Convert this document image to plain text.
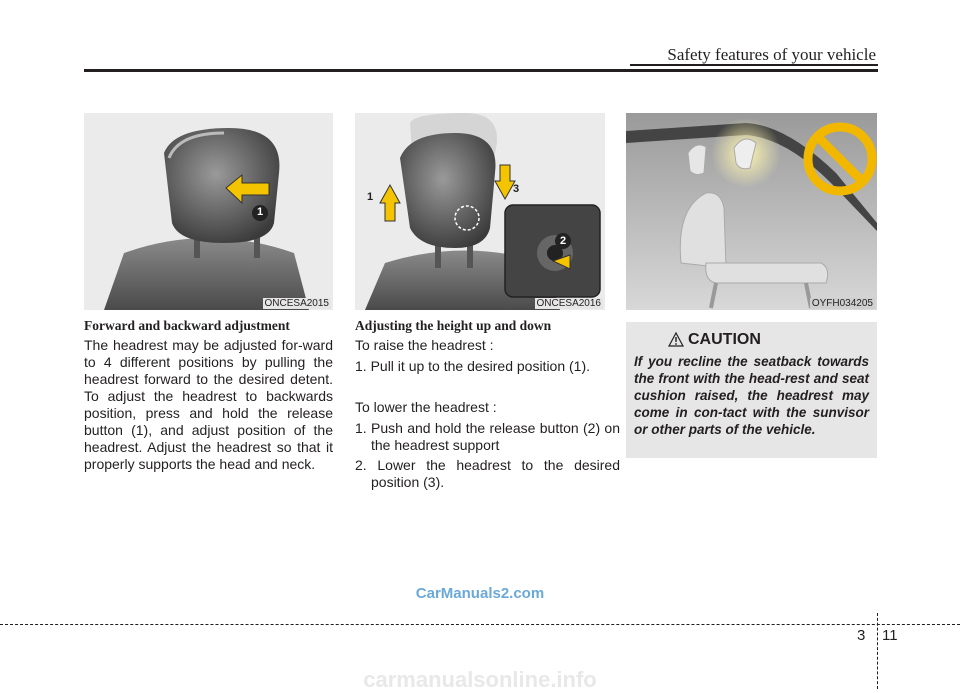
Safety features of your vehicle
1
ONCESA2015
1
2
3
ONCESA2016	OYFH034205
Forward and backward adjustment
The headrest may be adjusted for-ward to 4 different positions by pulling the headrest forward to the desired detent. To adjust the headrest to backwards position, press and hold the release button (1), and adjust position of the headrest. Adjust the headrest so that it properly supports the head and neck.
Adjusting the height up and down
To raise the headrest :
1. Pull it up to the desired position (1).
To lower the headrest :
1. Push and hold the release button (2) on the headrest support
2. Lower the headrest to the desired position (3).
CAUTION
If you recline the seatback towards the front with the head-rest and seat cushion raised, the headrest may come in con-tact with the sunvisor or other parts of the vehicle.
CarManuals2.com
3 11
carmanualsonline.info
